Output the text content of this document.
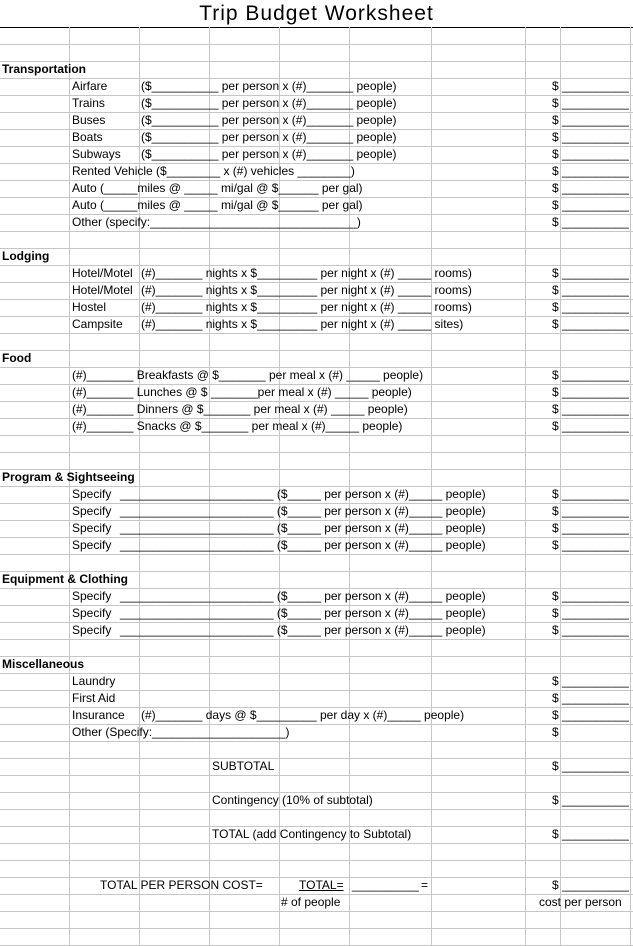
Trip Budget Worksheet
Transportation
Airfare	($__________ per person x (#)_______ people)	$ __________
Trains	($__________ per person x (#)_______ people)	$ __________
Buses	($__________ per person x (#)_______ people)	$ __________
Boats	($__________ per person x (#)_______ people)	$ __________
Subways ($__________ per person x (#)_______ people)	$ __________
Rented Vehicle ($________ x (#) vehicles ________)	$ __________
Auto (_____miles @ _____ mi/gal @ $______ per gal)	$ __________
Auto (_____miles @ _____ mi/gal @ $______ per gal)	$ __________
Other (specify:_______________________________)	$ __________
Lodging
Hotel/Motel (#)_______ nights x $_________ per night x (#) _____ rooms)	$ __________
Hotel/Motel (#)_______ nights x $_________ per night x (#) _____ rooms)	$ __________
Hostel	(#)_______ nights x $_________ per night x (#) _____ rooms)	$ __________
Campsite (#)_______ nights x $_________ per night x (#) _____ sites)	$ __________
Food
(#)_______ Breakfasts @ $_______ per meal x (#) _____ people)	$ __________
(#)_______ Lunches @ $ _______per meal x (#) _____ people)	$ __________
(#)_______ Dinners @ $_______ per meal x (#) _____ people)	$ __________
(#)_______ Snacks @ $_______ per meal x (#)_____ people)	$ __________
Program & Sightseeing
Specify _______________________ ($_____ per person x (#)_____ people)	$ __________
Specify _______________________ ($_____ per person x (#)_____ people)	$ __________
Specify _______________________ ($_____ per person x (#)_____ people)	$ __________
Specify _______________________ ($_____ per person x (#)_____ people)	$ __________
Equipment & Clothing
Specify _______________________ ($_____ per person x (#)_____ people)	$ __________
Specify _______________________ ($_____ per person x (#)_____ people)	$ __________
Specify _______________________ ($_____ per person x (#)_____ people)	$ __________
Miscellaneous
Laundry	$ __________
First Aid	$ __________
Insurance (#)_______ days @ $_________ per day x (#)_____ people)	$ __________
Other (Specify:____________________)	$
SUBTOTAL	$ __________
Contingency (10% of subtotal)	$ __________
TOTAL (add Contingency to Subtotal)	$ __________
TOTAL PER PERSON COST=	TOTAL= __________ =	$ __________
# of people	cost per person
